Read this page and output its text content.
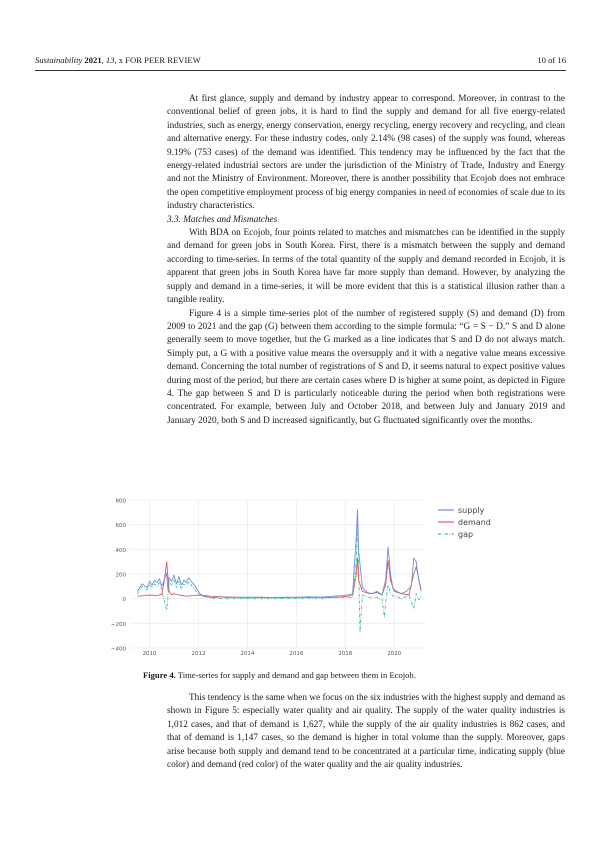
Sustainability 2021, 13, x FOR PEER REVIEW	10 of 16

At first glance, supply and demand by industry appear to correspond. Moreover, in contrast to the conventional belief of green jobs, it is hard to find the supply and demand for all five energy-related industries, such as energy, energy conservation, energy recycling, energy recovery and recycling, and clean and alternative energy. For these industry codes, only 2.14% (98 cases) of the supply was found, whereas 9.19% (753 cases) of the demand was identified. This tendency may be influenced by the fact that the energy-related industrial sectors are under the jurisdiction of the Ministry of Trade, Industry and Energy and not the Ministry of Environment. Moreover, there is another possibility that Ecojob does not embrace the open competitive employment process of big energy companies in need of economies of scale due to its industry characteristics.

3.3. Matches and Mismatches

With BDA on Ecojob, four points related to matches and mismatches can be identified in the supply and demand for green jobs in South Korea. First, there is a mismatch between the supply and demand according to time-series. In terms of the total quantity of the supply and demand recorded in Ecojob, it is apparent that green jobs in South Korea have far more supply than demand. However, by analyzing the supply and demand in a time-series, it will be more evident that this is a statistical illusion rather than a tangible reality.

Figure 4 is a simple time-series plot of the number of registered supply (S) and demand (D) from 2009 to 2021 and the gap (G) between them according to the simple formula: “G = S − D.” S and D alone generally seem to move together, but the G marked as a line indicates that S and D do not always match. Simply put, a G with a positive value means the oversupply and it with a negative value means excessive demand. Concerning the total number of registrations of S and D, it seems natural to expect positive values during most of the period, but there are certain cases where D is higher at some point, as depicted in Figure 4. The gap between S and D is particularly noticeable during the period when both registrations were concentrated. For example, between July and October 2018, and between July and January 2019 and January 2020, both S and D increased significantly, but G fluctuated significantly over the months.

800
600
400
200
0
−200
−400
2010	2012	2014	2016	2018	2020
supply
demand
gap
Figure 4. Time-series for supply and demand and gap between them in Ecojob.

This tendency is the same when we focus on the six industries with the highest supply and demand as shown in Figure 5: especially water quality and air quality. The supply of the water quality industries is 1,012 cases, and that of demand is 1,627, while the supply of the air quality industries is 862 cases, and that of demand is 1,147 cases, so the demand is higher in total volume than the supply. Moreover, gaps arise because both supply and demand tend to be concentrated at a particular time, indicating supply (blue color) and demand (red color) of the water quality and the air quality industries.
